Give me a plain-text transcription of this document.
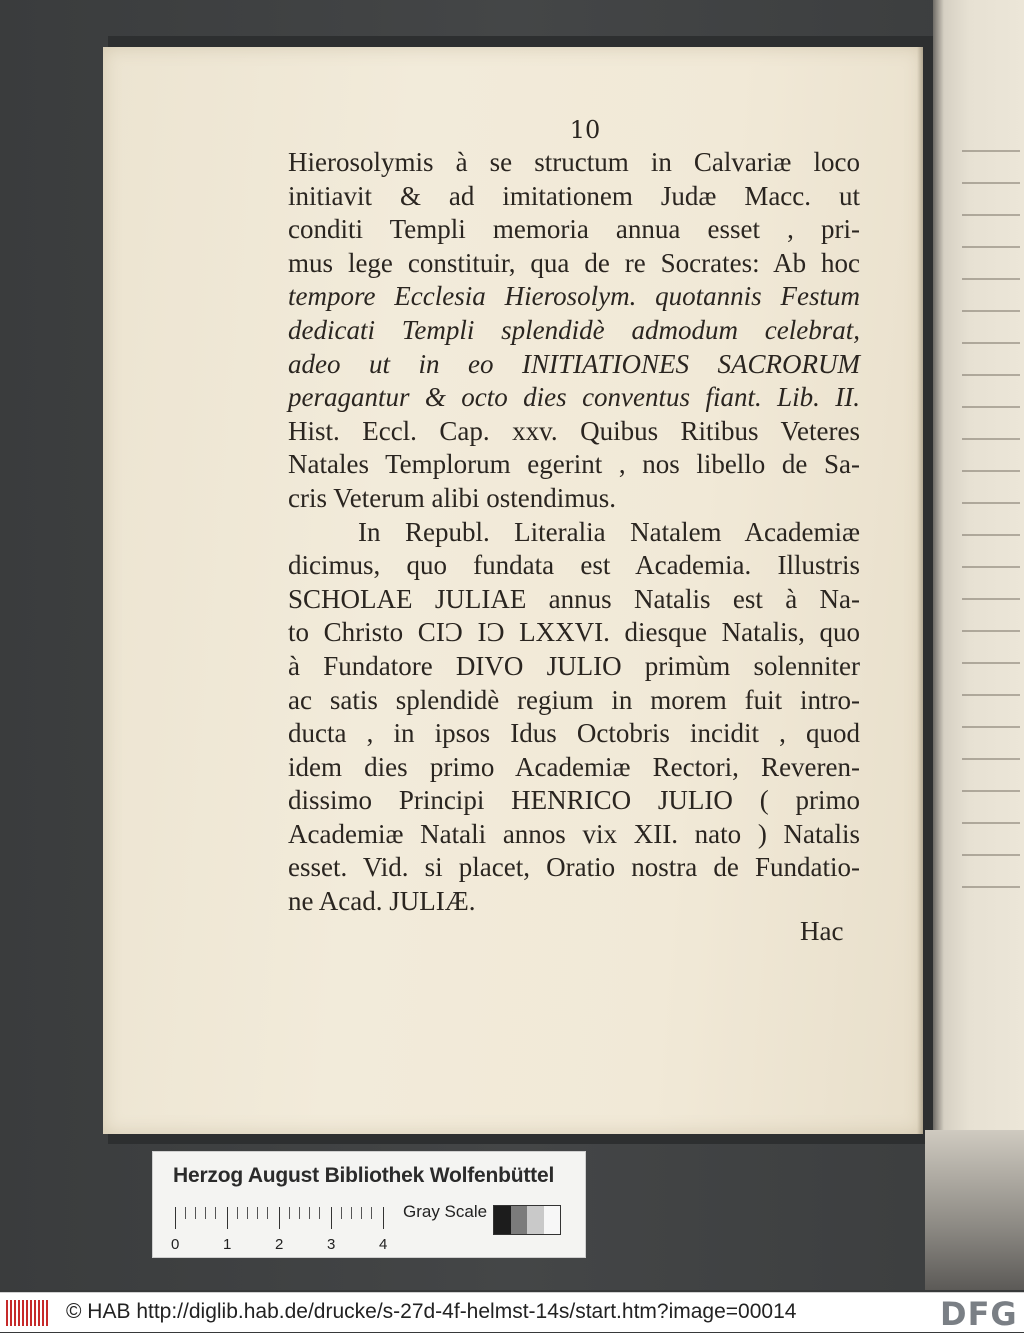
10
Hierosolymis à se structum in Calvariæ loco
initiavit & ad imitationem Judæ Macc. ut
conditi Templi memoria annua esset , pri-
mus lege constituir, qua de re Socrates: Ab hoc
tempore Ecclesia Hierosolym. quotannis Festum
dedicati Templi splendidè admodum celebrat,
adeo ut in eo INITIATIONES SACRORUM
peragantur & octo dies conventus fiant. Lib. II.
Hist. Eccl. Cap. xxv. Quibus Ritibus Veteres
Natales Templorum egerint , nos libello de Sa-
cris Veterum alibi ostendimus.
In Republ. Literalia Natalem Academiæ
dicimus, quo fundata est Academia. Illustris
SCHOLAE JULIAE annus Natalis est à Na-
to Christo CIƆ IƆ LXXVI. diesque Natalis, quo
à Fundatore DIVO JULIO primùm solenniter
ac satis splendidè regium in morem fuit intro-
ducta , in ipsos Idus Octobris incidit , quod
idem dies primo Academiæ Rectori, Reveren-
dissimo Principi HENRICO JULIO ( primo
Academiæ Natali annos vix XII. nato ) Natalis
esset. Vid. si placet, Oratio nostra de Fundatio-
ne Acad. JULIÆ.
Hac
Herzog August Bibliothek Wolfenbüttel
0	1	2	3	4
Gray Scale
© HAB http://diglib.hab.de/drucke/s-27d-4f-helmst-14s/start.htm?image=00014	DFG
